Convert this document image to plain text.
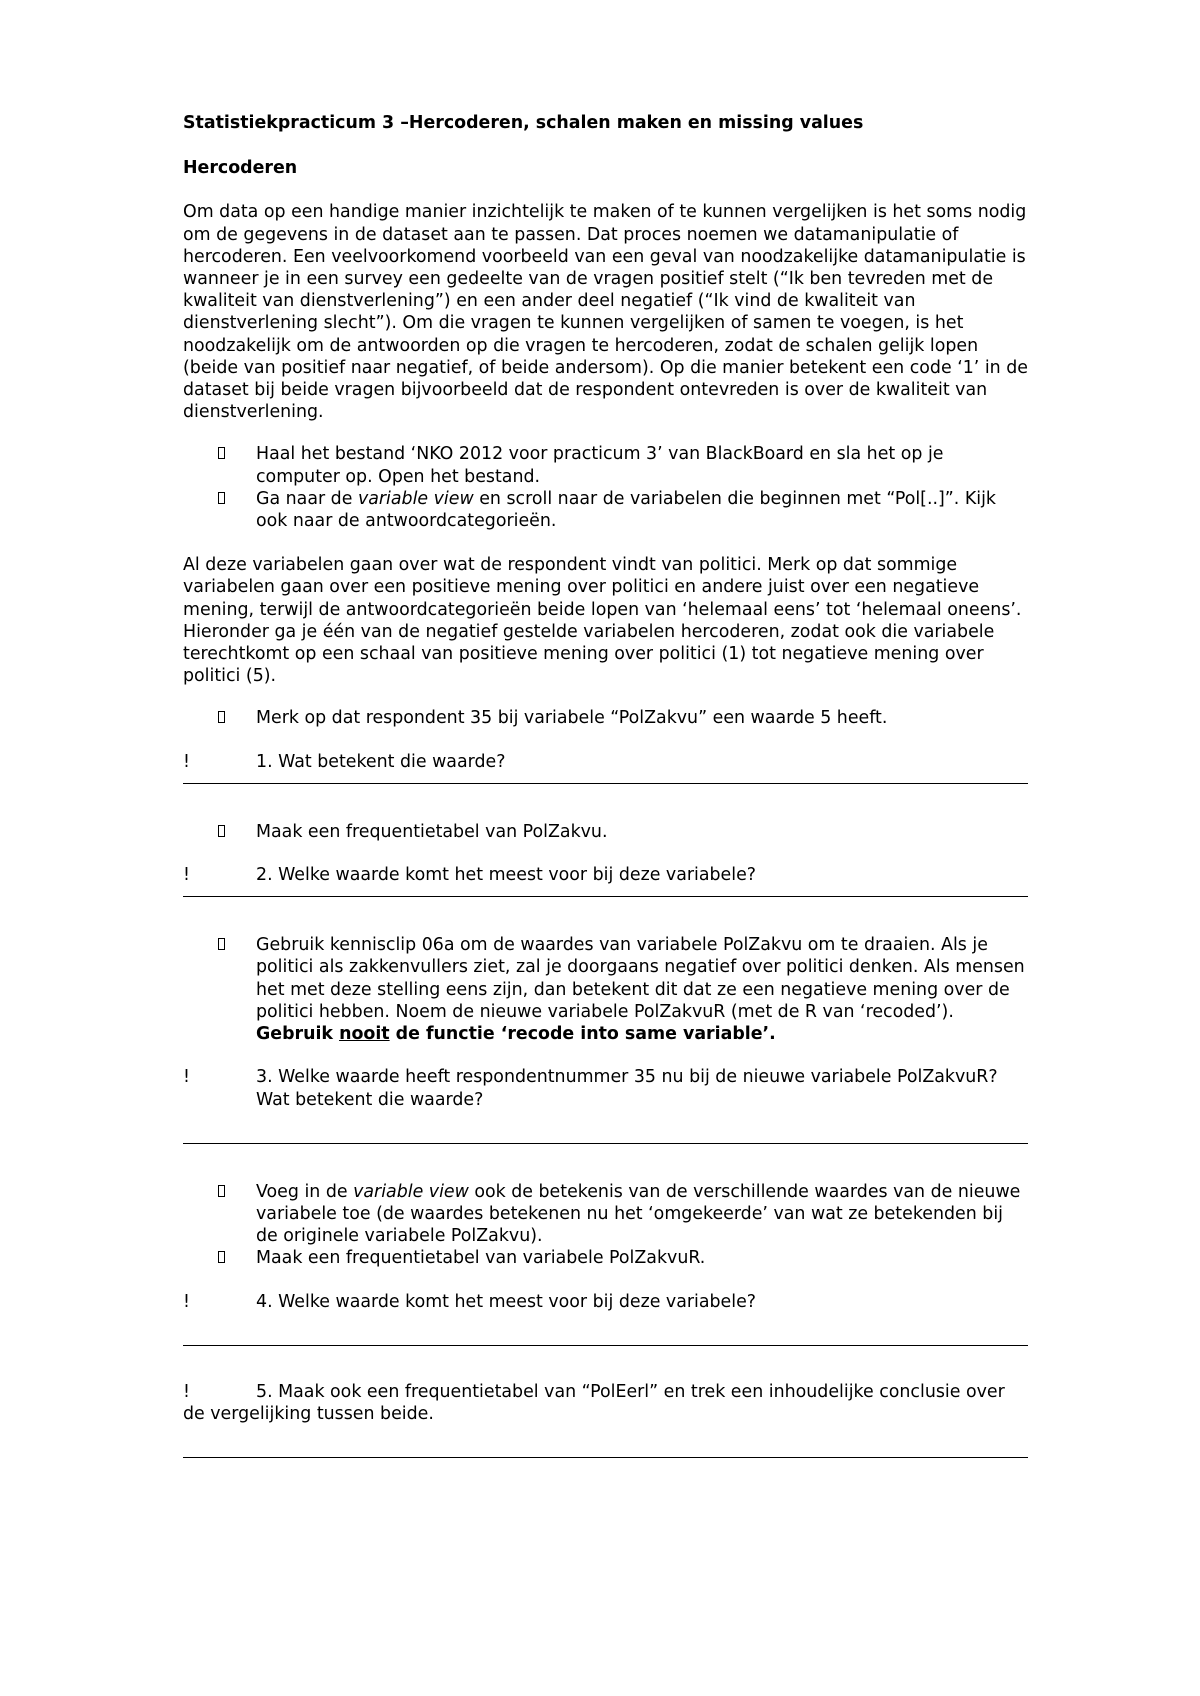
Statistiekpracticum 3 –Hercoderen, schalen maken en missing values

Hercoderen

Om data op een handige manier inzichtelijk te maken of te kunnen vergelijken is het soms nodig om de gegevens in de dataset aan te passen. Dat proces noemen we datamanipulatie of hercoderen. Een veelvoorkomend voorbeeld van een geval van noodzakelijke datamanipulatie is wanneer je in een survey een gedeelte van de vragen positief stelt (“Ik ben tevreden met de kwaliteit van dienstverlening”) en een ander deel negatief (“Ik vind de kwaliteit van dienstverlening slecht”). Om die vragen te kunnen vergelijken of samen te voegen, is het noodzakelijk om de antwoorden op die vragen te hercoderen, zodat de schalen gelijk lopen (beide van positief naar negatief, of beide andersom). Op die manier betekent een code ‘1’ in de dataset bij beide vragen bijvoorbeeld dat de respondent ontevreden is over de kwaliteit van dienstverlening.

Haal het bestand ‘NKO 2012 voor practicum 3’ van BlackBoard en sla het op je computer op. Open het bestand.
Ga naar de variable view en scroll naar de variabelen die beginnen met “Pol[..]”. Kijk ook naar de antwoordcategorieën.

Al deze variabelen gaan over wat de respondent vindt van politici. Merk op dat sommige variabelen gaan over een positieve mening over politici en andere juist over een negatieve mening, terwijl de antwoordcategorieën beide lopen van ‘helemaal eens’ tot ‘helemaal oneens’. Hieronder ga je één van de negatief gestelde variabelen hercoderen, zodat ook die variabele terechtkomt op een schaal van positieve mening over politici (1) tot negatieve mening over politici (5).

Merk op dat respondent 35 bij variabele “PolZakvu” een waarde 5 heeft.

!	1. Wat betekent die waarde?

Maak een frequentietabel van PolZakvu.

!	2. Welke waarde komt het meest voor bij deze variabele?

Gebruik kennisclip 06a om de waardes van variabele PolZakvu om te draaien. Als je politici als zakkenvullers ziet, zal je doorgaans negatief over politici denken. Als mensen het met deze stelling eens zijn, dan betekent dit dat ze een negatieve mening over de politici hebben. Noem de nieuwe variabele PolZakvuR (met de R van ‘recoded’). Gebruik nooit de functie ‘recode into same variable’.

!	3. Welke waarde heeft respondentnummer 35 nu bij de nieuwe variabele PolZakvuR? Wat betekent die waarde?

Voeg in de variable view ook de betekenis van de verschillende waardes van de nieuwe variabele toe (de waardes betekenen nu het ‘omgekeerde’ van wat ze betekenden bij de originele variabele PolZakvu).
Maak een frequentietabel van variabele PolZakvuR.

!	4. Welke waarde komt het meest voor bij deze variabele?

!	5. Maak ook een frequentietabel van “PolEerl” en trek een inhoudelijke conclusie over de vergelijking tussen beide.
